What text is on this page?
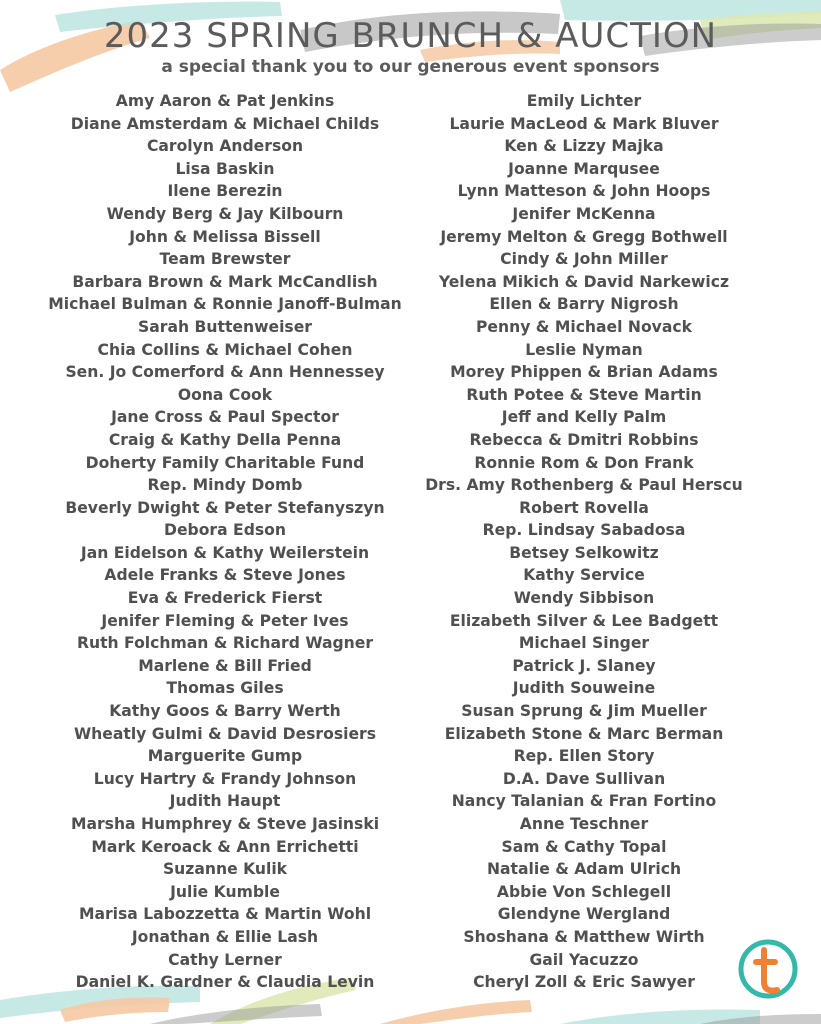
2023 SPRING BRUNCH & AUCTION
a special thank you to our generous event sponsors
Amy Aaron & Pat Jenkins
Diane Amsterdam & Michael Childs
Carolyn Anderson
Lisa Baskin
Ilene Berezin
Wendy Berg & Jay Kilbourn
John & Melissa Bissell
Team Brewster
Barbara Brown & Mark McCandlish
Michael Bulman & Ronnie Janoff-Bulman
Sarah Buttenweiser
Chia Collins & Michael Cohen
Sen. Jo Comerford & Ann Hennessey
Oona Cook
Jane Cross & Paul Spector
Craig & Kathy Della Penna
Doherty Family Charitable Fund
Rep. Mindy Domb
Beverly Dwight & Peter Stefanyszyn
Debora Edson
Jan Eidelson & Kathy Weilerstein
Adele Franks & Steve Jones
Eva & Frederick Fierst
Jenifer Fleming & Peter Ives
Ruth Folchman & Richard Wagner
Marlene & Bill Fried
Thomas Giles
Kathy Goos & Barry Werth
Wheatly Gulmi & David Desrosiers
Marguerite Gump
Lucy Hartry & Frandy Johnson
Judith Haupt
Marsha Humphrey & Steve Jasinski
Mark Keroack & Ann Errichetti
Suzanne Kulik
Julie Kumble
Marisa Labozzetta & Martin Wohl
Jonathan & Ellie Lash
Cathy Lerner
Daniel K. Gardner & Claudia Levin
Emily Lichter
Laurie MacLeod & Mark Bluver
Ken & Lizzy Majka
Joanne Marqusee
Lynn Matteson & John Hoops
Jenifer McKenna
Jeremy Melton & Gregg Bothwell
Cindy & John Miller
Yelena Mikich & David Narkewicz
Ellen & Barry Nigrosh
Penny & Michael Novack
Leslie Nyman
Morey Phippen & Brian Adams
Ruth Potee & Steve Martin
Jeff and Kelly Palm
Rebecca & Dmitri Robbins
Ronnie Rom & Don Frank
Drs. Amy Rothenberg & Paul Herscu
Robert Rovella
Rep. Lindsay Sabadosa
Betsey Selkowitz
Kathy Service
Wendy Sibbison
Elizabeth Silver & Lee Badgett
Michael Singer
Patrick J. Slaney
Judith Souweine
Susan Sprung & Jim Mueller
Elizabeth Stone & Marc Berman
Rep. Ellen Story
D.A. Dave Sullivan
Nancy Talanian & Fran Fortino
Anne Teschner
Sam & Cathy Topal
Natalie & Adam Ulrich
Abbie Von Schlegell
Glendyne Wergland
Shoshana & Matthew Wirth
Gail Yacuzzo
Cheryl Zoll & Eric Sawyer
